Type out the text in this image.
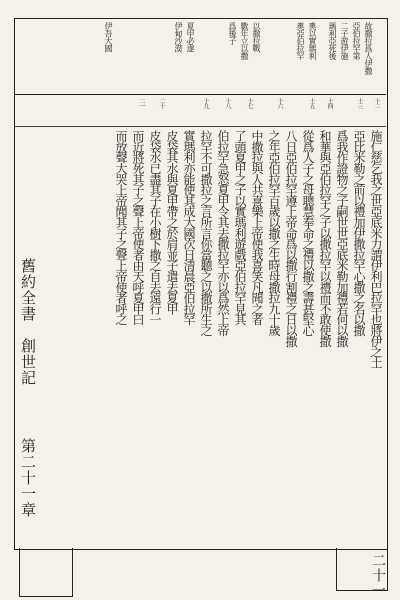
故撒拉爲人伊撒
亞伯拉罕第
二子遊伊施
瑪利亞死後
奧以實瑪利
奧亞伯拉罕
以撒拉戰
數年立以撒
爲後子
夏甲必遂
伊甸沙漠
伊吾大國
十二
十三
十四
十五
十六
十七
十八
十九
二十
二一
施仁慈乞我之世亞底米力謂伊利巴拉罕也將伊之土
亞比米勒之前以禮加伊撒拉罕心撒之名以撒
爲我作證物之子嗣世世亞底米勒加禮若何以撒
和華與亞伯拉罕之子以撒拉罕以禮而不敢使撒
從爲人子之母聰慧奉命之禮以撒之壽甚堅心
八日亞伯拉罕遵上帝命爲以撒行割禮之日以撒
之年亞伯拉罕百歲以撒之生時母撒拉九十歲
中撒拉與人共喜樂上帝使我喜笑凡聞之者
了頭夏甲之子以實瑪利遊戲亞伯拉罕見其
伯拉罕急怒夏甲令其去撒拉罕亦以爲然上帝
拉罕不可撒拉之言所言你當聽之以撒所生之
實瑪利亦能使其成大國次日清晨亞伯拉罕
皮袋其水與夏甲帶之於肩並子遣去夏甲
皮袋水已盡其子在小樹下撒之自去遠行一
而近將死其子之聲上帝使者由天呼夏甲曰
而放聲大哭上帝聞其子之聲上帝使者呼之
舊約全書
創世記
第二十一章
二十一
